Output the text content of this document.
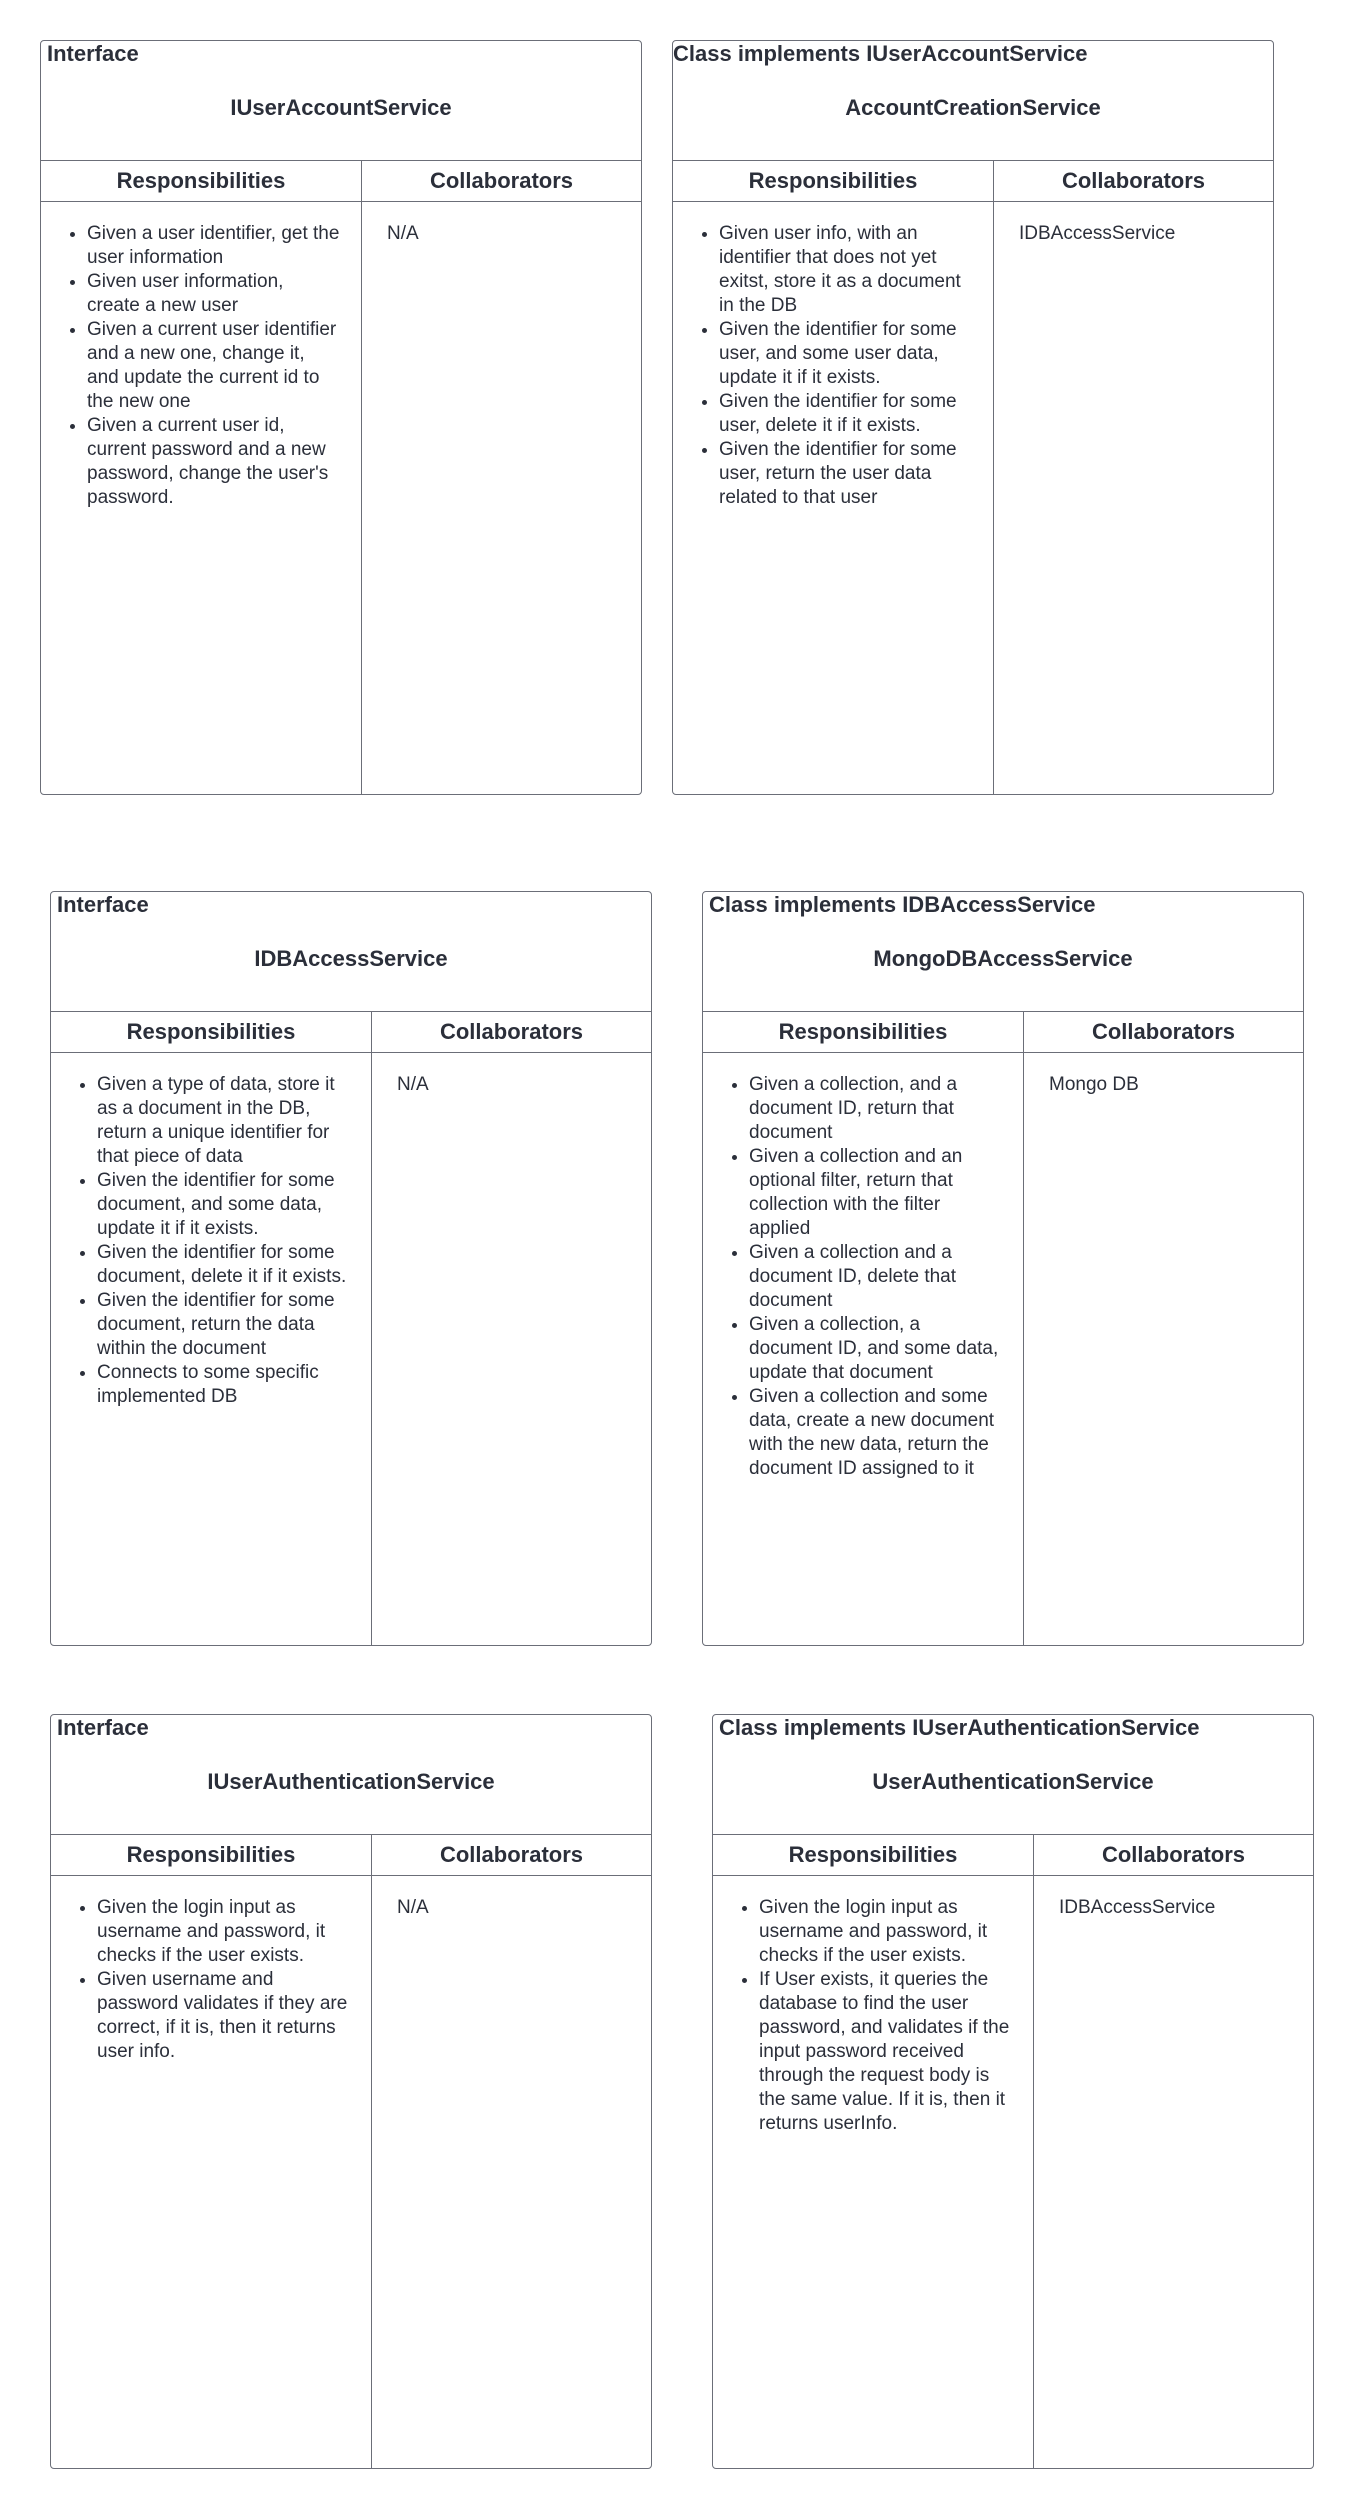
Interface
IUserAccountService
Responsibilities	Collaborators
• Given a user identifier, get the user information
• Given user information, create a new user
• Given a current user identifier and a new one, change it, and update the current id to the new one
• Given a current user id, current password and a new password, change the user's password.
N/A
Class implements IUserAccountService
AccountCreationService
Responsibilities	Collaborators
• Given user info, with an identifier that does not yet exitst, store it as a document in the DB
• Given the identifier for some user, and some user data, update it if it exists.
• Given the identifier for some user, delete it if it exists.
• Given the identifier for some user, return the user data related to that user
IDBAccessService
Interface
IDBAccessService
Responsibilities	Collaborators
• Given a type of data, store it as a document in the DB, return a unique identifier for that piece of data
• Given the identifier for some document, and some data, update it if it exists.
• Given the identifier for some document, delete it if it exists.
• Given the identifier for some document, return the data within the document
• Connects to some specific implemented DB
N/A
Class implements IDBAccessService
MongoDBAccessService
Responsibilities	Collaborators
• Given a collection, and a document ID, return that document
• Given a collection and an optional filter, return that collection with the filter applied
• Given a collection and a document ID, delete that document
• Given a collection, a document ID, and some data, update that document
• Given a collection and some data, create a new document with the new data, return the document ID assigned to it
Mongo DB
Interface
IUserAuthenticationService
Responsibilities	Collaborators
• Given the login input as username and password, it checks if the user exists.
• Given username and password validates if they are correct, if it is, then it returns user info.
N/A
Class implements IUserAuthenticationService
UserAuthenticationService
Responsibilities	Collaborators
• Given the login input as username and password, it checks if the user exists.
• If User exists, it queries the database to find the user password, and validates if the input password received through the request body is the same value. If it is, then it returns userInfo.
IDBAccessService
